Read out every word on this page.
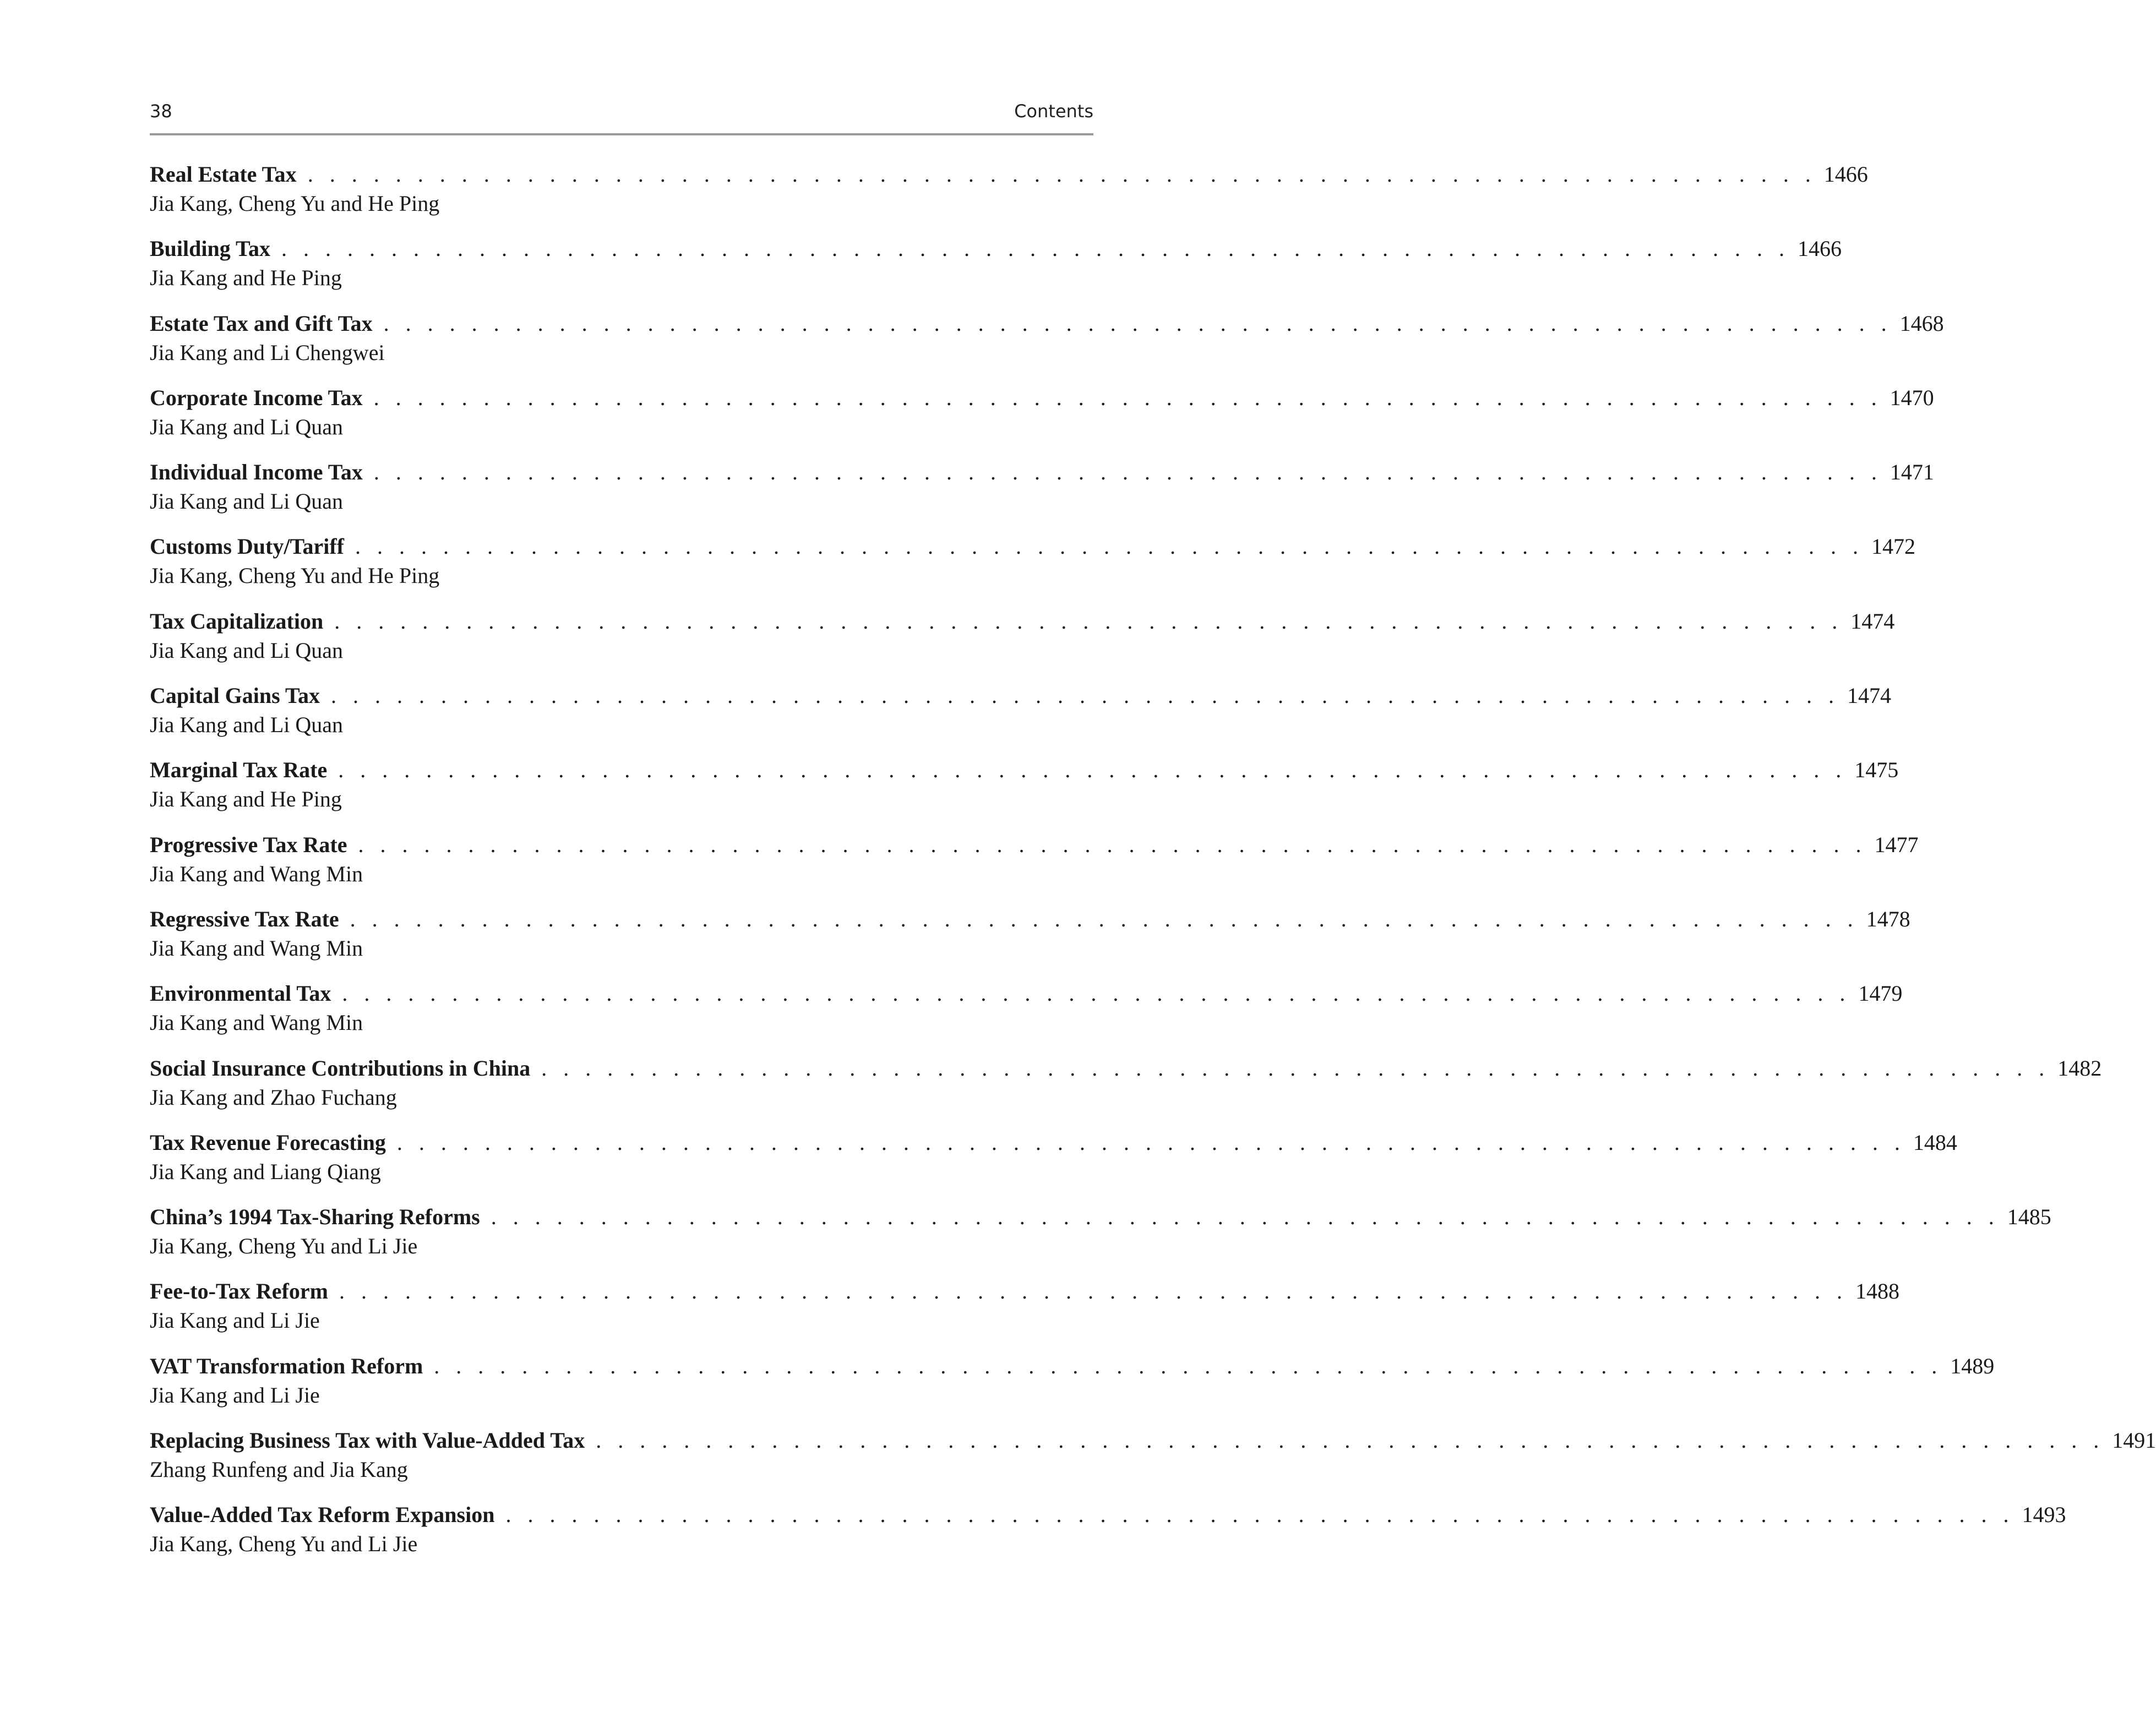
38	Contents
Real Estate Tax . . . . . . . . . . . . . . . . . . . . . . . . . . . . . . . . . . . . . . . . . . . . . . . . . . . . . . . . . . . . . . . . . . . . . 1466
Jia Kang, Cheng Yu and He Ping
Building Tax . . . . . . . . . . . . . . . . . . . . . . . . . . . . . . . . . . . . . . . . . . . . . . . . . . . . . . . . . . . . . . . . . . . . . 1466
Jia Kang and He Ping
Estate Tax and Gift Tax . . . . . . . . . . . . . . . . . . . . . . . . . . . . . . . . . . . . . . . . . . . . . . . . . . . . . . . . . . . . . . . . . . . . . 1468
Jia Kang and Li Chengwei
Corporate Income Tax . . . . . . . . . . . . . . . . . . . . . . . . . . . . . . . . . . . . . . . . . . . . . . . . . . . . . . . . . . . . . . . . . . . . . 1470
Jia Kang and Li Quan
Individual Income Tax . . . . . . . . . . . . . . . . . . . . . . . . . . . . . . . . . . . . . . . . . . . . . . . . . . . . . . . . . . . . . . . . . . . . . 1471
Jia Kang and Li Quan
Customs Duty/Tariff . . . . . . . . . . . . . . . . . . . . . . . . . . . . . . . . . . . . . . . . . . . . . . . . . . . . . . . . . . . . . . . . . . . . . 1472
Jia Kang, Cheng Yu and He Ping
Tax Capitalization . . . . . . . . . . . . . . . . . . . . . . . . . . . . . . . . . . . . . . . . . . . . . . . . . . . . . . . . . . . . . . . . . . . . . 1474
Jia Kang and Li Quan
Capital Gains Tax . . . . . . . . . . . . . . . . . . . . . . . . . . . . . . . . . . . . . . . . . . . . . . . . . . . . . . . . . . . . . . . . . . . . . 1474
Jia Kang and Li Quan
Marginal Tax Rate . . . . . . . . . . . . . . . . . . . . . . . . . . . . . . . . . . . . . . . . . . . . . . . . . . . . . . . . . . . . . . . . . . . . . 1475
Jia Kang and He Ping
Progressive Tax Rate . . . . . . . . . . . . . . . . . . . . . . . . . . . . . . . . . . . . . . . . . . . . . . . . . . . . . . . . . . . . . . . . . . . . . 1477
Jia Kang and Wang Min
Regressive Tax Rate . . . . . . . . . . . . . . . . . . . . . . . . . . . . . . . . . . . . . . . . . . . . . . . . . . . . . . . . . . . . . . . . . . . . . 1478
Jia Kang and Wang Min
Environmental Tax . . . . . . . . . . . . . . . . . . . . . . . . . . . . . . . . . . . . . . . . . . . . . . . . . . . . . . . . . . . . . . . . . . . . . 1479
Jia Kang and Wang Min
Social Insurance Contributions in China . . . . . . . . . . . . . . . . . . . . . . . . . . . . . . . . . . . . . . . . . . . . . . . . . . . . . . . . . . . . . . . . . . . . . 1482
Jia Kang and Zhao Fuchang
Tax Revenue Forecasting . . . . . . . . . . . . . . . . . . . . . . . . . . . . . . . . . . . . . . . . . . . . . . . . . . . . . . . . . . . . . . . . . . . . . 1484
Jia Kang and Liang Qiang
China’s 1994 Tax-Sharing Reforms . . . . . . . . . . . . . . . . . . . . . . . . . . . . . . . . . . . . . . . . . . . . . . . . . . . . . . . . . . . . . . . . . . . . . 1485
Jia Kang, Cheng Yu and Li Jie
Fee-to-Tax Reform . . . . . . . . . . . . . . . . . . . . . . . . . . . . . . . . . . . . . . . . . . . . . . . . . . . . . . . . . . . . . . . . . . . . . 1488
Jia Kang and Li Jie
VAT Transformation Reform . . . . . . . . . . . . . . . . . . . . . . . . . . . . . . . . . . . . . . . . . . . . . . . . . . . . . . . . . . . . . . . . . . . . . 1489
Jia Kang and Li Jie
Replacing Business Tax with Value-Added Tax . . . . . . . . . . . . . . . . . . . . . . . . . . . . . . . . . . . . . . . . . . . . . . . . . . . . . . . . . . . . . . . . . . . . . 1491
Zhang Runfeng and Jia Kang
Value-Added Tax Reform Expansion . . . . . . . . . . . . . . . . . . . . . . . . . . . . . . . . . . . . . . . . . . . . . . . . . . . . . . . . . . . . . . . . . . . . . 1493
Jia Kang, Cheng Yu and Li Jie
